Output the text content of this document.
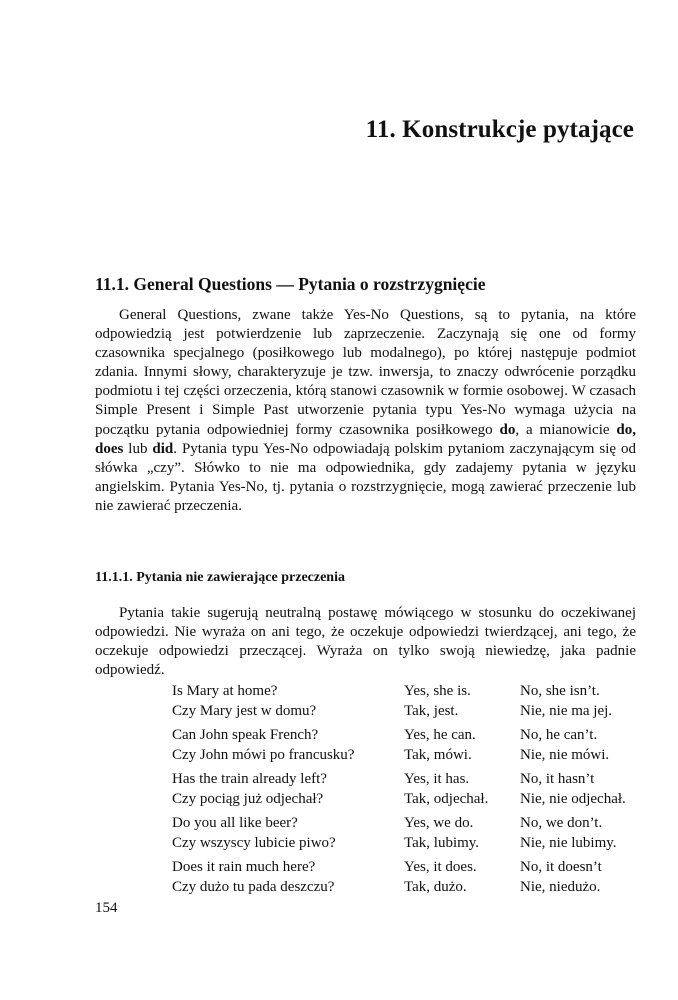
11. Konstrukcje pytające
11.1. General Questions — Pytania o rozstrzygnięcie

General Questions, zwane także Yes-No Questions, są to pytania, na które odpowiedzią jest potwierdzenie lub zaprzeczenie. Zaczynają się one od formy czasownika specjalnego (posiłkowego lub modalnego), po której następuje podmiot zdania. Innymi słowy, charakteryzuje je tzw. inwersja, to znaczy odwrócenie porządku podmiotu i tej części orzeczenia, którą stanowi czasownik w formie osobowej. W czasach Simple Present i Simple Past utworzenie pytania typu Yes-No wymaga użycia na początku pytania odpowiedniej formy czasownika posiłkowego do, a mianowicie do, does lub did. Pytania typu Yes-No odpowiadają polskim pytaniom zaczynającym się od słówka „czy”. Słówko to nie ma odpowiednika, gdy zadajemy pytania w języku angielskim. Pytania Yes-No, tj. pytania o rozstrzygnięcie, mogą zawierać przeczenie lub nie zawierać przeczenia.

11.1.1. Pytania nie zawierające przeczenia

Pytania takie sugerują neutralną postawę mówiącego w stosunku do oczekiwanej odpowiedzi. Nie wyraża on ani tego, że oczekuje odpowiedzi twierdzącej, ani tego, że oczekuje odpowiedzi przeczącej. Wyraża on tylko swoją niewiedzę, jaka padnie odpowiedź.

Is Mary at home?	Yes, she is.	No, she isn’t.
Czy Mary jest w domu?	Tak, jest.	Nie, nie ma jej.
Can John speak French?	Yes, he can.	No, he can’t.
Czy John mówi po francusku?	Tak, mówi.	Nie, nie mówi.
Has the train already left?	Yes, it has.	No, it hasn’t
Czy pociąg już odjechał?	Tak, odjechał. Nie, nie odjechał.
Do you all like beer?	Yes, we do.	No, we don’t.
Czy wszyscy lubicie piwo?	Tak, lubimy.	Nie, nie lubimy.
Does it rain much here?	Yes, it does.	No, it doesn’t
Czy dużo tu pada deszczu?	Tak, dużo.	Nie, niedużo.

154
